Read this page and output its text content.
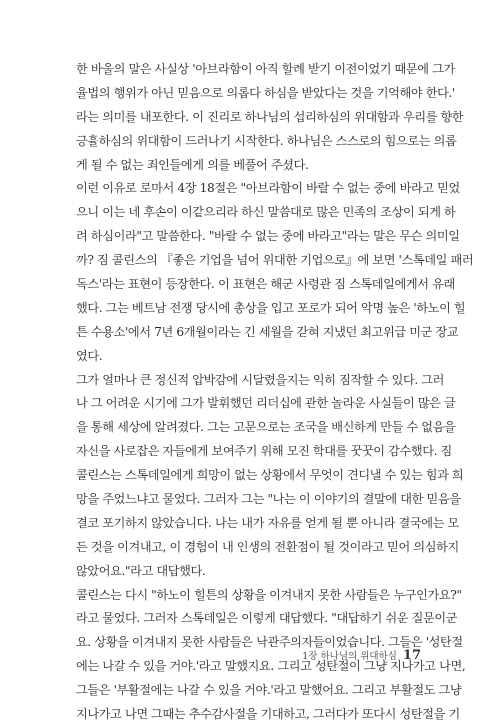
한 바울의 말은 사실상 '아브라함이 아직 할례 받기 이전이었기 때문에 그가
율법의 행위가 아닌 믿음으로 의롭다 하심을 받았다는 것을 기억해야 한다.'
라는 의미를 내포한다. 이 진리로 하나님의 섭리하심의 위대함과 우리를 향한
긍휼하심의 위대함이 드러나기 시작한다. 하나님은 스스로의 힘으로는 의롭
게 될 수 없는 죄인들에게 의를 베풀어 주셨다.
이런 이유로 로마서 4장 18절은 "아브라함이 바랄 수 없는 중에 바라고 믿었
으니 이는 네 후손이 이같으리라 하신 말씀대로 많은 민족의 조상이 되게 하
려 하심이라"고 말씀한다. "바랄 수 없는 중에 바라고"라는 말은 무슨 의미일
까? 짐 콜린스의 『좋은 기업을 넘어 위대한 기업으로』에 보면 '스톡데일 패러
독스'라는 표현이 등장한다. 이 표현은 해군 사령관 짐 스톡데일에게서 유래
했다. 그는 베트남 전쟁 당시에 총상을 입고 포로가 되어 악명 높은 '하노이 힐
튼 수용소'에서 7년 6개월이라는 긴 세월을 갇혀 지냈던 최고위급 미군 장교
였다.
그가 얼마나 큰 정신적 압박감에 시달렸을지는 익히 짐작할 수 있다. 그러
나 그 어려운 시기에 그가 발휘했던 리더십에 관한 놀라운 사실들이 많은 글
을 통해 세상에 알려졌다. 그는 고문으로는 조국을 배신하게 만들 수 없음을
자신을 사로잡은 자들에게 보여주기 위해 모진 학대를 꿋꿋이 감수했다. 짐
콜린스는 스톡데일에게 희망이 없는 상황에서 무엇이 견디낼 수 있는 힘과 희
망을 주었느냐고 물었다. 그러자 그는 "나는 이 이야기의 결말에 대한 믿음을
결코 포기하지 않았습니다. 나는 내가 자유를 얻게 될 뿐 아니라 결국에는 모
든 것을 이겨내고, 이 경험이 내 인생의 전환점이 될 것이라고 믿어 의심하지
않았어요."라고 대답했다.
콜린스는 다시 "하노이 힐튼의 상황을 이겨내지 못한 사람들은 누구인가요?"
라고 물었다. 그러자 스톡데일은 이렇게 대답했다. "대답하기 쉬운 질문이군
요. 상황을 이겨내지 못한 사람들은 낙관주의자들이었습니다. 그들은 '성탄절
에는 나갈 수 있을 거야.'라고 말했지요. 그리고 성탄절이 그냥 지나가고 나면,
그들은 '부활절에는 나갈 수 있을 거야.'라고 말했어요. 그리고 부활절도 그냥
지나가고 나면 그때는 추수감사절을 기대하고, 그러다가 또다시 성탄절을 기
1장 하나님의 위대하심 17
